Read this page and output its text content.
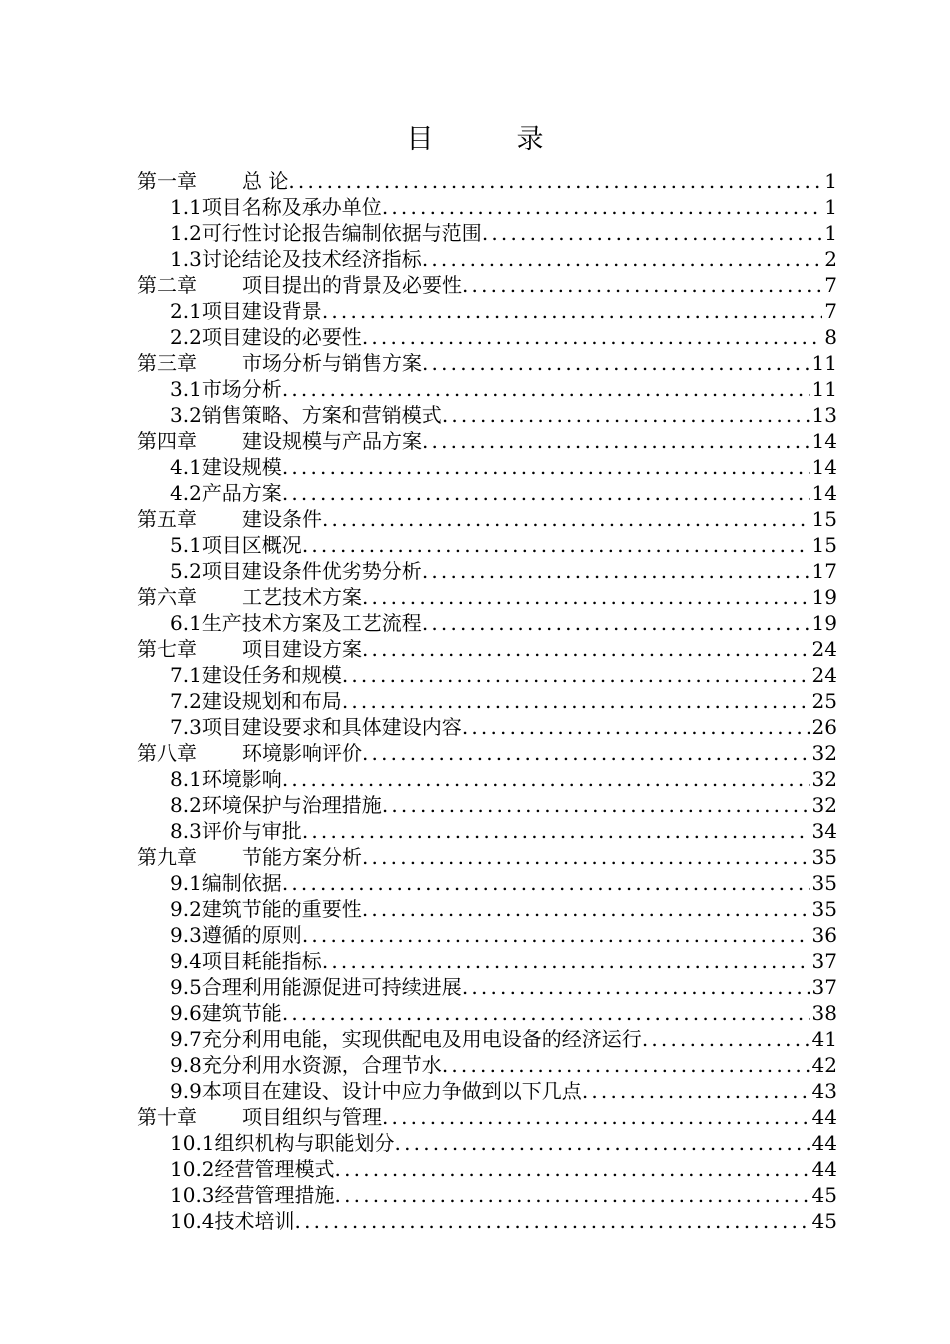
目	录
第一章	总 论 .....	1
1.1 项目名称及承办单位 .....	1
1.2 可行性讨论报告编制依据与范围 .....	1
1.3 讨论结论及技术经济指标 .....	2
第二章	项目提出的背景及必要性 .....	7
2.1 项目建设背景 .....	7
2.2 项目建设的必要性 .....	8
第三章	市场分析与销售方案 .....	11
3.1 市场分析 .....	11
3.2 销售策略、方案和营销模式 .....	13
第四章	建设规模与产品方案 .....	14
4.1 建设规模 .....	14
4.2 产品方案 .....	14
第五章	建设条件 .....	15
5.1 项目区概况 .....	15
5.2 项目建设条件优劣势分析 .....	17
第六章	工艺技术方案 .....	19
6.1 生产技术方案及工艺流程 .....	19
第七章	项目建设方案 .....	24
7.1 建设任务和规模 .....	24
7.2 建设规划和布局 .....	25
7.3 项目建设要求和具体建设内容 .....	26
第八章	环境影响评价 .....	32
8.1 环境影响 .....	32
8.2 环境保护与治理措施 .....	32
8.3 评价与审批 .....	34
第九章	节能方案分析 .....	35
9.1 编制依据 .....	35
9.2 建筑节能的重要性 .....	35
9.3 遵循的原则 .....	36
9.4 项目耗能指标 .....	37
9.5 合理利用能源促进可持续进展 .....	37
9.6 建筑节能 .....	38
9.7 充分利用电能，实现供配电及用电设备的经济运行 .....	41
9.8 充分利用水资源，合理节水 .....	42
9.9 本项目在建设、设计中应力争做到以下几点 .....	43
第十章	项目组织与管理 .....	44
10.1 组织机构与职能划分 .....	44
10.2 经营管理模式 .....	44
10.3 经营管理措施 .....	45
10.4 技术培训 .....	45
